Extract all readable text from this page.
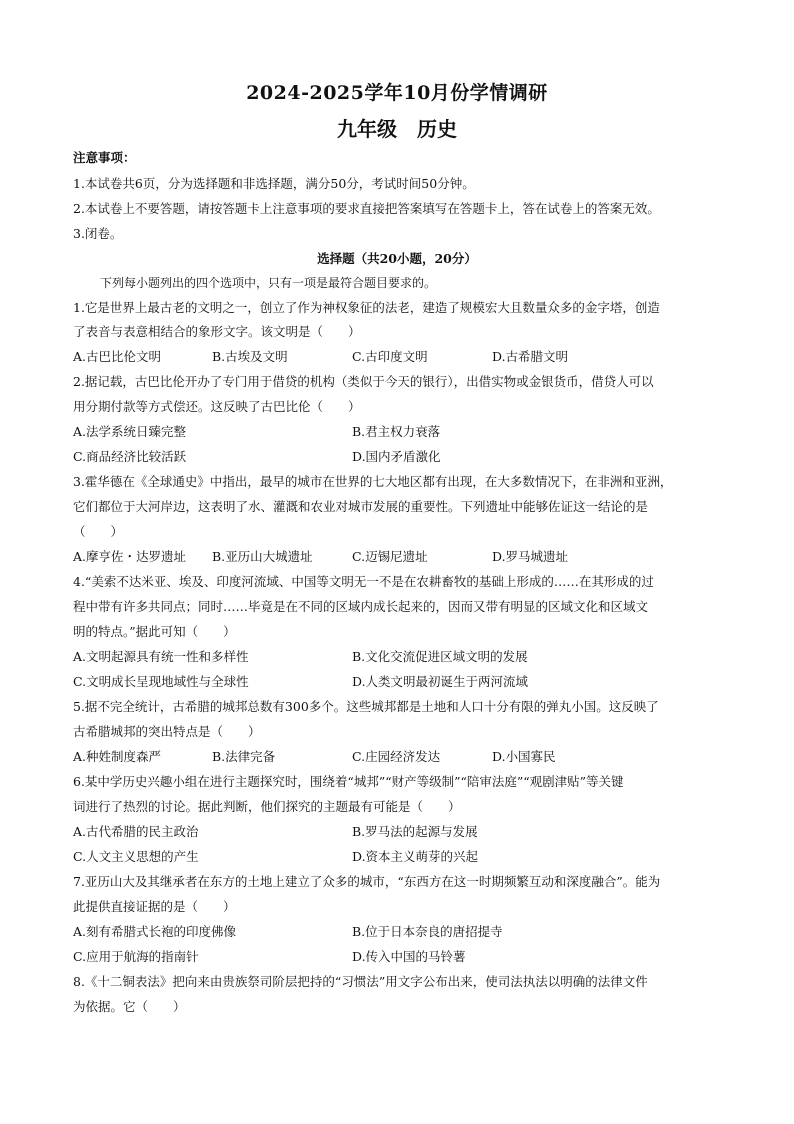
2024-2025学年10月份学情调研
九年级　历史
注意事项：
1.本试卷共6页，分为选择题和非选择题，满分50分，考试时间50分钟。
2.本试卷上不要答题，请按答题卡上注意事项的要求直接把答案填写在答题卡上，答在试卷上的答案无效。
3.闭卷。
选择题（共20小题，20分）
下列每小题列出的四个选项中，只有一项是最符合题目要求的。
1.它是世界上最古老的文明之一，创立了作为神权象征的法老，建造了规模宏大且数量众多的金字塔，创造
了表音与表意相结合的象形文字。该文明是（　　）
A.古巴比伦文明	B.古埃及文明	C.古印度文明	D.古希腊文明
2.据记载，古巴比伦开办了专门用于借贷的机构（类似于今天的银行），出借实物或金银货币，借贷人可以
用分期付款等方式偿还。这反映了古巴比伦（　　）
A.法学系统日臻完整	B.君主权力衰落
C.商品经济比较活跃	D.国内矛盾激化
3.霍华德在《全球通史》中指出，最早的城市在世界的七大地区都有出现，在大多数情况下，在非洲和亚洲，
它们都位于大河岸边，这表明了水、灌溉和农业对城市发展的重要性。下列遗址中能够佐证这一结论的是
（　　）
A.摩亨佐・达罗遗址 B.亚历山大城遗址	C.迈锡尼遗址	D.罗马城遗址
4.“美索不达米亚、埃及、印度河流域、中国等文明无一不是在农耕畜牧的基础上形成的……在其形成的过
程中带有许多共同点；同时……毕竟是在不同的区域内成长起来的，因而又带有明显的区域文化和区域文
明的特点。”据此可知（　　）
A.文明起源具有统一性和多样性	B.文化交流促进区域文明的发展
C.文明成长呈现地域性与全球性	D.人类文明最初诞生于两河流域
5.据不完全统计，古希腊的城邦总数有300多个。这些城邦都是土地和人口十分有限的弹丸小国。这反映了
古希腊城邦的突出特点是（　　）
A.种姓制度森严	B.法律完备	C.庄园经济发达	D.小国寡民
6.某中学历史兴趣小组在进行主题探究时，围绕着“城邦”“财产等级制”“陪审法庭”“观剧津贴”等关键
词进行了热烈的讨论。据此判断，他们探究的主题最有可能是（　　）
A.古代希腊的民主政治	B.罗马法的起源与发展
C.人文主义思想的产生	D.资本主义萌芽的兴起
7.亚历山大及其继承者在东方的土地上建立了众多的城市，“东西方在这一时期频繁互动和深度融合”。能为
此提供直接证据的是（　　）
A.刻有希腊式长袍的印度佛像	B.位于日本奈良的唐招提寺
C.应用于航海的指南针	D.传入中国的马铃薯
8.《十二铜表法》把向来由贵族祭司阶层把持的“习惯法”用文字公布出来，使司法执法以明确的法律文件
为依据。它（　　）
